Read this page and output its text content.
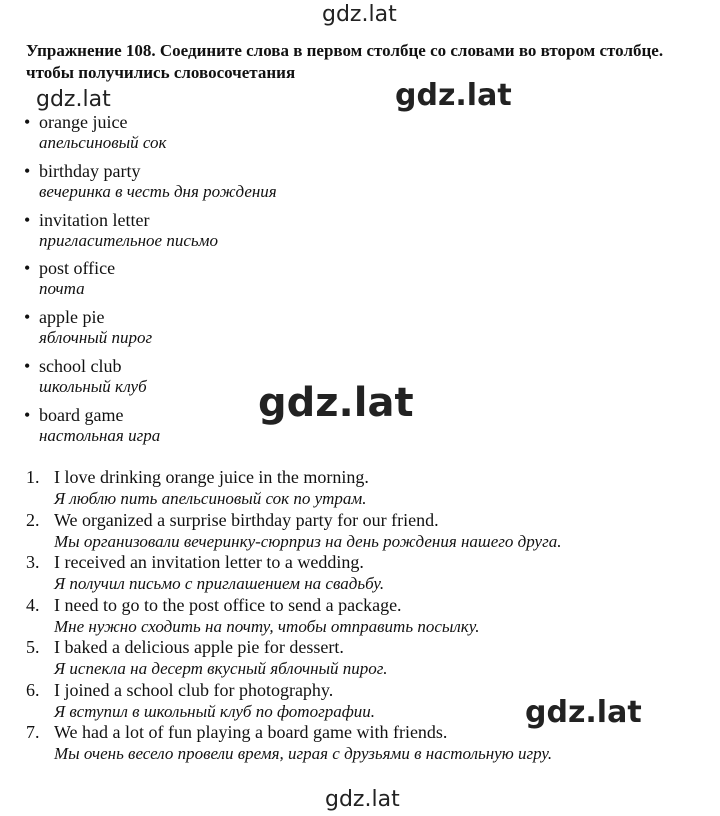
gdz.lat
gdz.lat	gdz.lat
gdz.lat
gdz.lat
gdz.lat
Упражнение 108. Соедините слова в первом столбце со словами во втором столбце. чтобы получились словосочетания
• orange juice
апельсиновый сок
• birthday party
вечеринка в честь дня рождения
• invitation letter
пригласительное письмо
• post office
почта
• apple pie
яблочный пирог
• school club
школьный клуб
• board game
настольная игра
1. I love drinking orange juice in the morning.
Я люблю пить апельсиновый сок по утрам.
2. We organized a surprise birthday party for our friend.
Мы организовали вечеринку-сюрприз на день рождения нашего друга.
3. I received an invitation letter to a wedding.
Я получил письмо с приглашением на свадьбу.
4. I need to go to the post office to send a package.
Мне нужно сходить на почту, чтобы отправить посылку.
5. I baked a delicious apple pie for dessert.
Я испекла на десерт вкусный яблочный пирог.
6. I joined a school club for photography.
Я вступил в школьный клуб по фотографии.
7. We had a lot of fun playing a board game with friends.
Мы очень весело провели время, играя с друзьями в настольную игру.
